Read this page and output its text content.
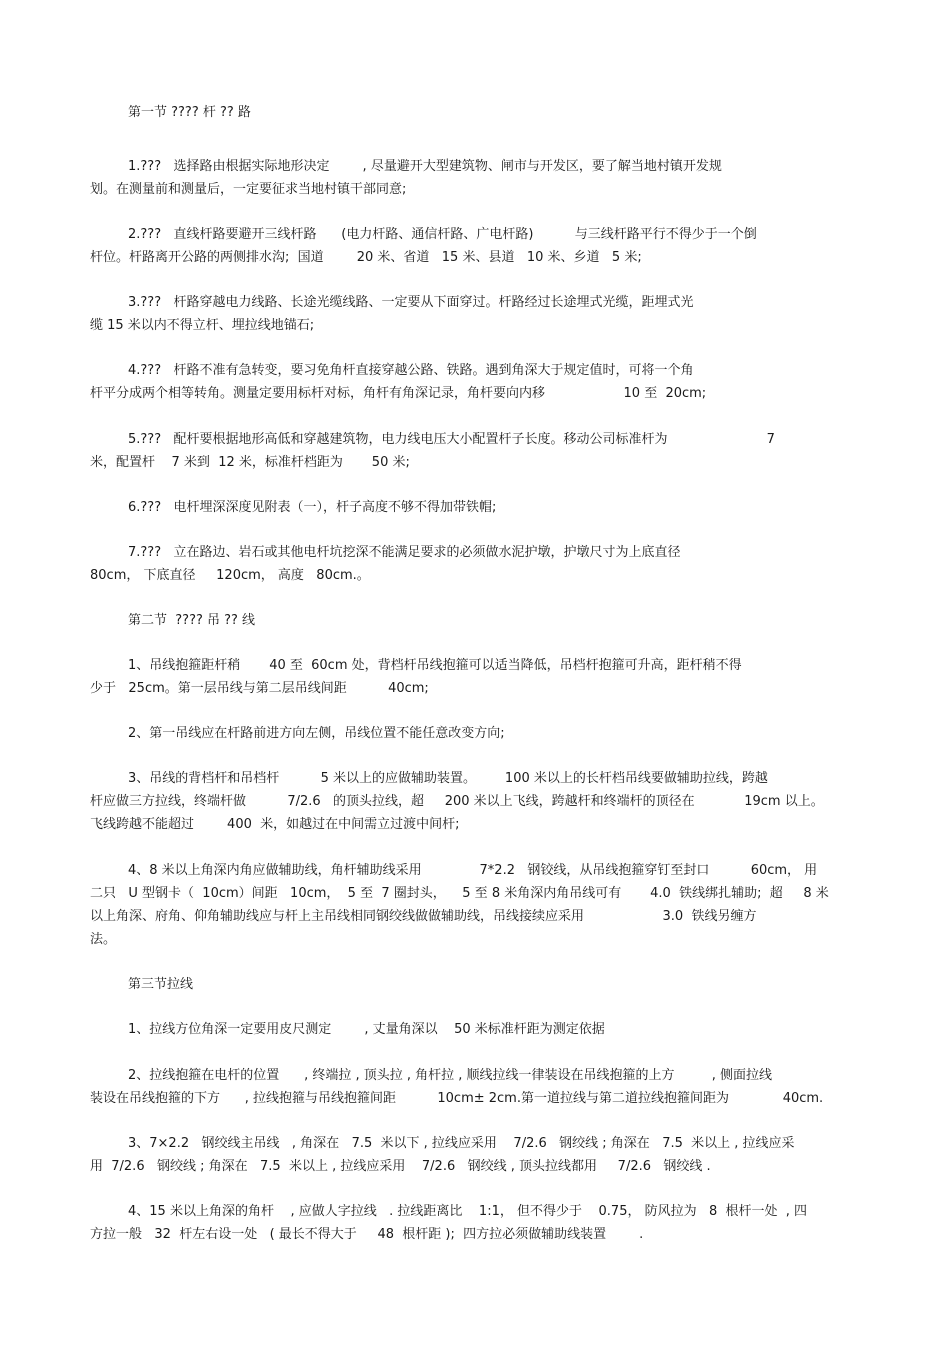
第一节 ???? 杆 ?? 路
1.???   选择路由根据实际地形决定        , 尽量避开大型建筑物、闸市与开发区，要了解当地村镇开发规
划。在测量前和测量后，一定要征求当地村镇干部同意;
2.???   直线杆路要避开三线杆路      (电力杆路、通信杆路、广电杆路)          与三线杆路平行不得少于一个倒
杆位。杆路离开公路的两侧排水沟;  国道        20 米、省道   15 米、县道   10 米、乡道   5 米;
3.???   杆路穿越电力线路、长途光缆线路、一定要从下面穿过。杆路经过长途埋式光缆，距埋式光
缆 15 米以内不得立杆、埋拉线地锚石;
4.???   杆路不准有急转变，要习免角杆直接穿越公路、铁路。遇到角深大于规定值时，可将一个角
杆平分成两个相等转角。测量定要用标杆对标，角杆有角深记录，角杆要向内移                   10 至  20cm;
5.???   配杆要根据地形高低和穿越建筑物，电力线电压大小配置杆子长度。移动公司标准杆为                        7
米，配置杆    7 米到  12 米，标准杆档距为       50 米;
6.???   电杆埋深深度见附表（一），杆子高度不够不得加带铁帽;
7.???   立在路边、岩石或其他电杆坑挖深不能满足要求的必须做水泥护墩，护墩尺寸为上底直径
80cm， 下底直径     120cm， 高度   80cm.。
第二节  ???? 吊 ?? 线
1、吊线抱箍距杆稍       40 至  60cm 处，背档杆吊线抱箍可以适当降低，吊档杆抱箍可升高，距杆稍不得
少于   25cm。第一层吊线与第二层吊线间距          40cm;
2、第一吊线应在杆路前进方向左侧，吊线位置不能任意改变方向;
3、吊线的背档杆和吊档杆          5 米以上的应做辅助装置。       100 米以上的长杆档吊线要做辅助拉线，跨越
杆应做三方拉线，终端杆做          7/2.6   的顶头拉线，超     200 米以上飞线，跨越杆和终端杆的顶径在            19cm 以上。
飞线跨越不能超过        400  米，如越过在中间需立过渡中间杆;
4、8 米以上角深内角应做辅助线，角杆辅助线采用              7*2.2   钢铰线，从吊线抱箍穿钉至封口          60cm， 用
二只   U 型钢卡（  10cm）间距   10cm，  5 至  7 圈封头，    5 至 8 米角深内角吊线可有       4.0  铁线绑扎辅助;  超     8 米
以上角深、府角、仰角辅助线应与杆上主吊线相同钢绞线做做辅助线，吊线接续应采用                   3.0  铁线另缠方
法。
第三节拉线
1、拉线方位角深一定要用皮尺测定        , 丈量角深以    50 米标准杆距为测定依据
2、拉线抱箍在电杆的位置      , 终端拉 , 顶头拉 , 角杆拉 , 顺线拉线一律装设在吊线抱箍的上方         , 侧面拉线
装设在吊线抱箍的下方      , 拉线抱箍与吊线抱箍间距          10cm± 2cm.第一道拉线与第二道拉线抱箍间距为             40cm.
3、7×2.2   钢绞线主吊线   , 角深在   7.5  米以下 , 拉线应采用    7/2.6   钢绞线 ; 角深在   7.5  米以上 , 拉线应采
用  7/2.6   钢绞线 ; 角深在   7.5  米以上 , 拉线应采用    7/2.6   钢绞线 , 顶头拉线都用     7/2.6   钢绞线 .
4、15 米以上角深的角杆    , 应做人字拉线   . 拉线距离比    1:1， 但不得少于    0.75， 防风拉为   8  根杆一处  , 四
方拉一般   32  杆左右设一处   ( 最长不得大于     48  根杆距 );  四方拉必须做辅助线装置        .
